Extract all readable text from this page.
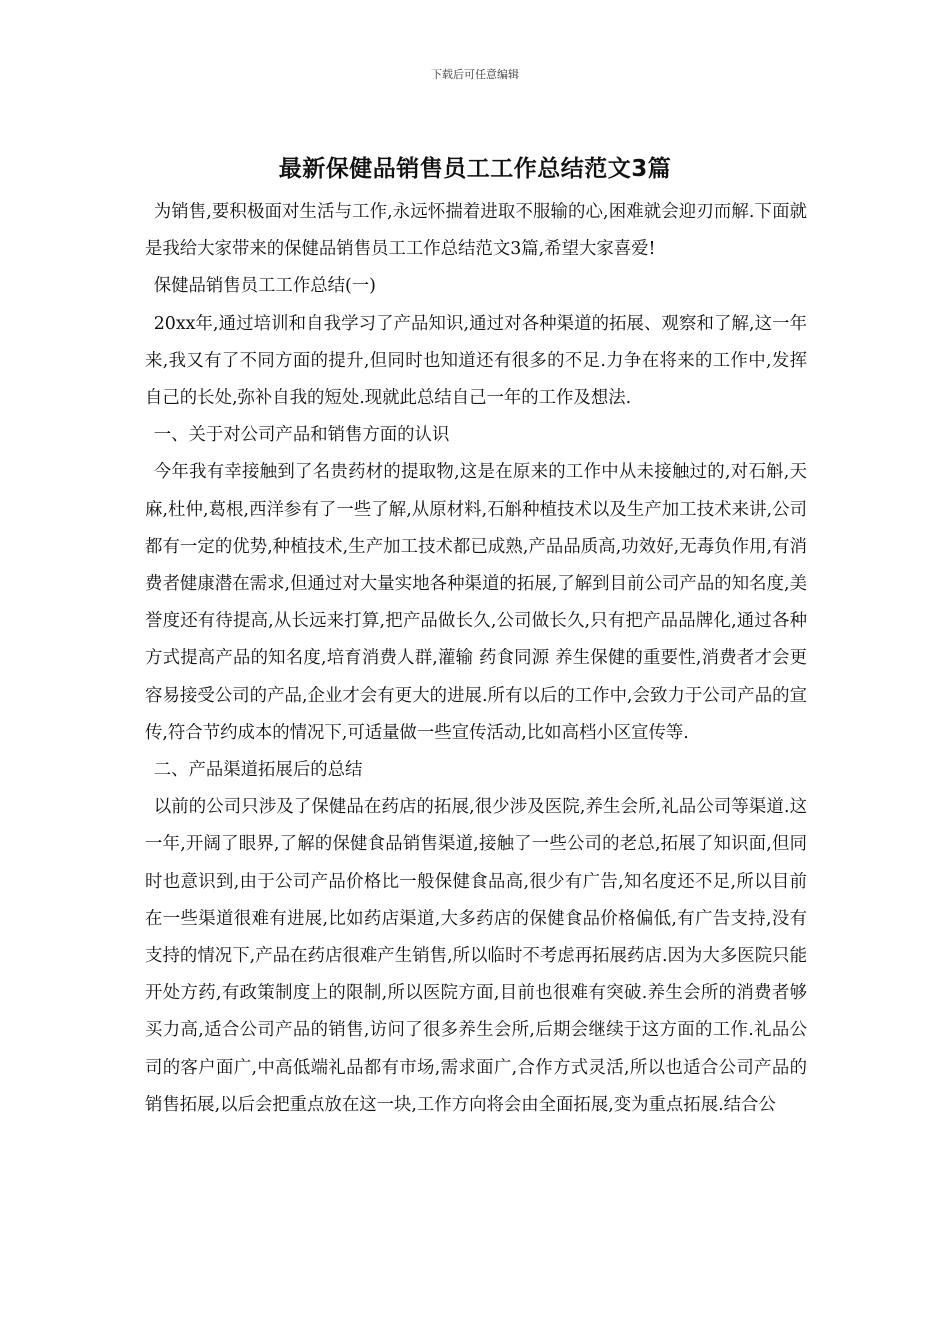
下载后可任意编辑
最新保健品销售员工工作总结范文3篇

为销售,要积极面对生活与工作,永远怀揣着进取不服输的心,困难就会迎刃而解.下面就是我给大家带来的保健品销售员工工作总结范文3篇,希望大家喜爱!

保健品销售员工工作总结(一)

20xx年,通过培训和自我学习了产品知识,通过对各种渠道的拓展、观察和了解,这一年来,我又有了不同方面的提升,但同时也知道还有很多的不足.力争在将来的工作中,发挥自己的长处,弥补自我的短处.现就此总结自己一年的工作及想法.

一、关于对公司产品和销售方面的认识

今年我有幸接触到了名贵药材的提取物,这是在原来的工作中从未接触过的,对石斛,天麻,杜仲,葛根,西洋参有了一些了解,从原材料,石斛种植技术以及生产加工技术来讲,公司都有一定的优势,种植技术,生产加工技术都已成熟,产品品质高,功效好,无毒负作用,有消费者健康潜在需求,但通过对大量实地各种渠道的拓展,了解到目前公司产品的知名度,美誉度还有待提高,从长远来打算,把产品做长久,公司做长久,只有把产品品牌化,通过各种方式提高产品的知名度,培育消费人群,灌输 药食同源 养生保健的重要性,消费者才会更容易接受公司的产品,企业才会有更大的进展.所有以后的工作中,会致力于公司产品的宣传,符合节约成本的情况下,可适量做一些宣传活动,比如高档小区宣传等.

二、产品渠道拓展后的总结

以前的公司只涉及了保健品在药店的拓展,很少涉及医院,养生会所,礼品公司等渠道.这一年,开阔了眼界,了解的保健食品销售渠道,接触了一些公司的老总,拓展了知识面,但同时也意识到,由于公司产品价格比一般保健食品高,很少有广告,知名度还不足,所以目前在一些渠道很难有进展,比如药店渠道,大多药店的保健食品价格偏低,有广告支持,没有支持的情况下,产品在药店很难产生销售,所以临时不考虑再拓展药店.因为大多医院只能开处方药,有政策制度上的限制,所以医院方面,目前也很难有突破.养生会所的消费者够买力高,适合公司产品的销售,访问了很多养生会所,后期会继续于这方面的工作.礼品公司的客户面广,中高低端礼品都有市场,需求面广,合作方式灵活,所以也适合公司产品的销售拓展,以后会把重点放在这一块,工作方向将会由全面拓展,变为重点拓展.结合公
